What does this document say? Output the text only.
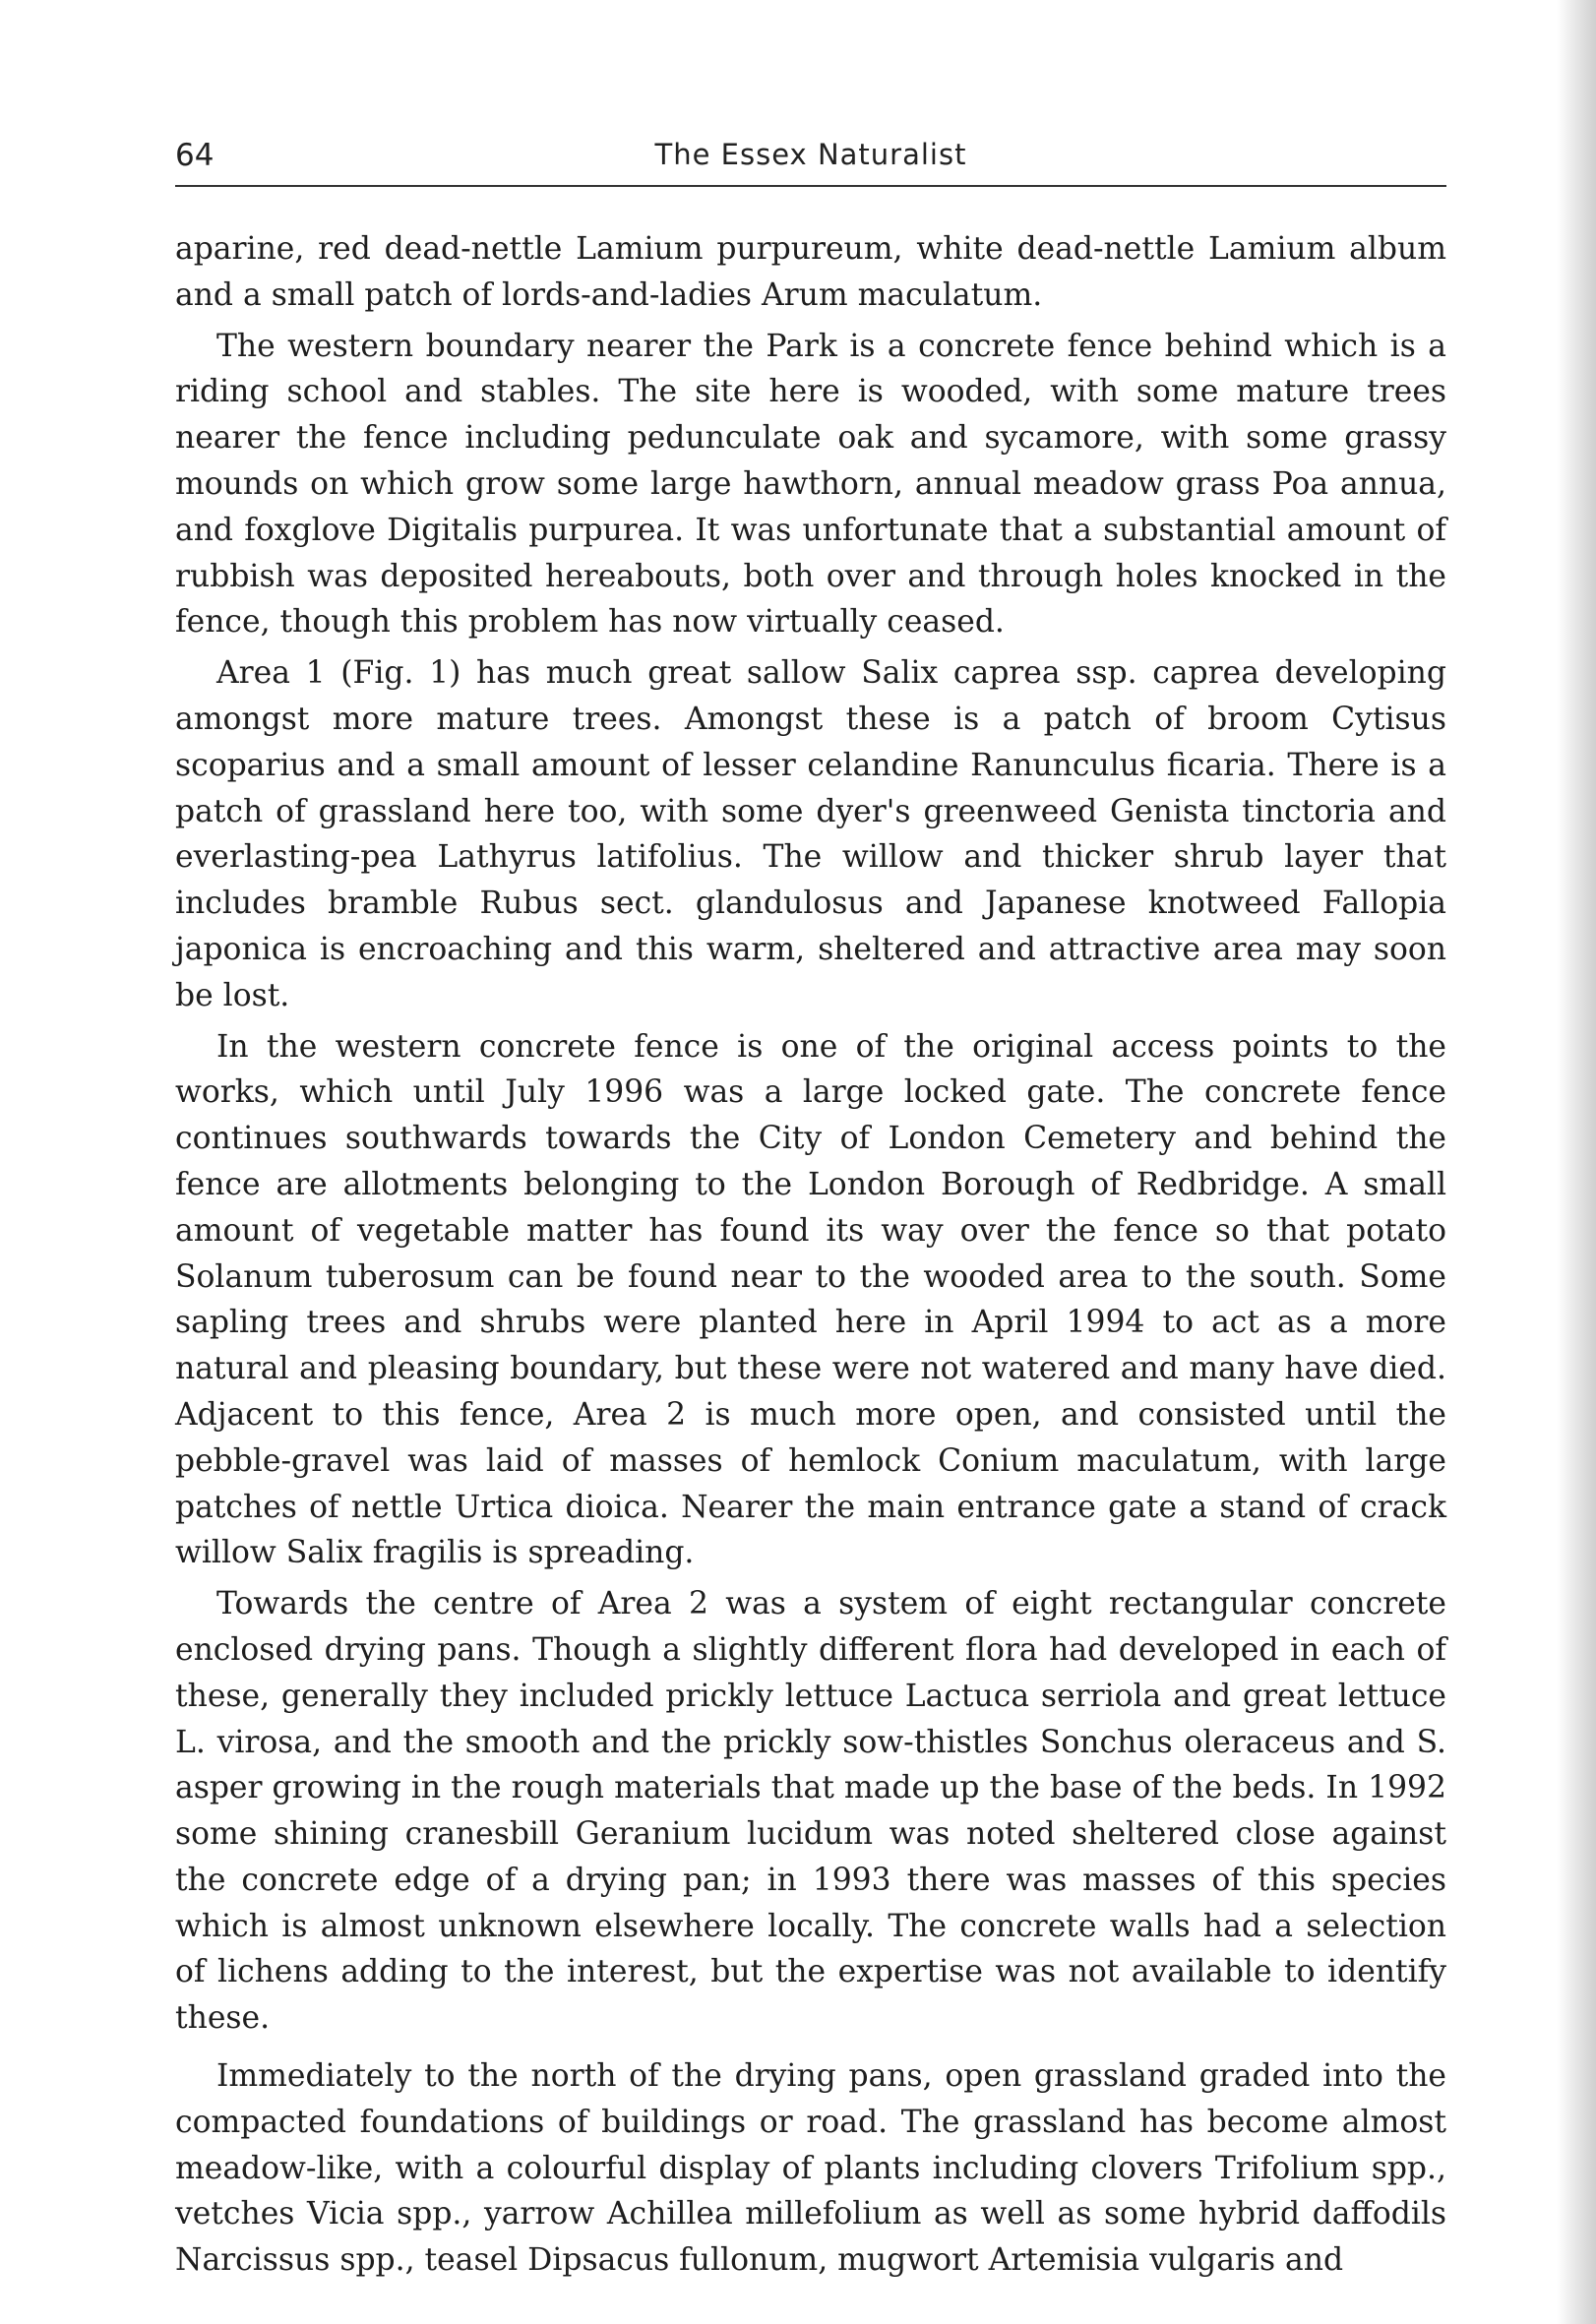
64	The Essex Naturalist

aparine, red dead-nettle Lamium purpureum, white dead-nettle Lamium album and a small patch of lords-and-ladies Arum maculatum.

The western boundary nearer the Park is a concrete fence behind which is a riding school and stables. The site here is wooded, with some mature trees nearer the fence including pedunculate oak and sycamore, with some grassy mounds on which grow some large hawthorn, annual meadow grass Poa annua, and foxglove Digitalis purpurea. It was unfortunate that a substantial amount of rubbish was deposited hereabouts, both over and through holes knocked in the fence, though this problem has now virtually ceased.

Area 1 (Fig. 1) has much great sallow Salix caprea ssp. caprea developing amongst more mature trees. Amongst these is a patch of broom Cytisus scoparius and a small amount of lesser celandine Ranunculus ficaria. There is a patch of grassland here too, with some dyer's greenweed Genista tinctoria and everlasting-pea Lathyrus latifolius. The willow and thicker shrub layer that includes bramble Rubus sect. glandulosus and Japanese knotweed Fallopia japonica is encroaching and this warm, sheltered and attractive area may soon be lost.

In the western concrete fence is one of the original access points to the works, which until July 1996 was a large locked gate. The concrete fence continues southwards towards the City of London Cemetery and behind the fence are allotments belonging to the London Borough of Redbridge. A small amount of vegetable matter has found its way over the fence so that potato Solanum tuberosum can be found near to the wooded area to the south. Some sapling trees and shrubs were planted here in April 1994 to act as a more natural and pleasing boundary, but these were not watered and many have died. Adjacent to this fence, Area 2 is much more open, and consisted until the pebble-gravel was laid of masses of hemlock Conium maculatum, with large patches of nettle Urtica dioica. Nearer the main entrance gate a stand of crack willow Salix fragilis is spreading.

Towards the centre of Area 2 was a system of eight rectangular concrete enclosed drying pans. Though a slightly different flora had developed in each of these, generally they included prickly lettuce Lactuca serriola and great lettuce L. virosa, and the smooth and the prickly sow-thistles Sonchus oleraceus and S. asper growing in the rough materials that made up the base of the beds. In 1992 some shining cranesbill Geranium lucidum was noted sheltered close against the concrete edge of a drying pan; in 1993 there was masses of this species which is almost unknown elsewhere locally. The concrete walls had a selection of lichens adding to the interest, but the expertise was not available to identify these.

Immediately to the north of the drying pans, open grassland graded into the compacted foundations of buildings or road. The grassland has become almost meadow-like, with a colourful display of plants including clovers Trifolium spp., vetches Vicia spp., yarrow Achillea millefolium as well as some hybrid daffodils Narcissus spp., teasel Dipsacus fullonum, mugwort Artemisia vulgaris and
